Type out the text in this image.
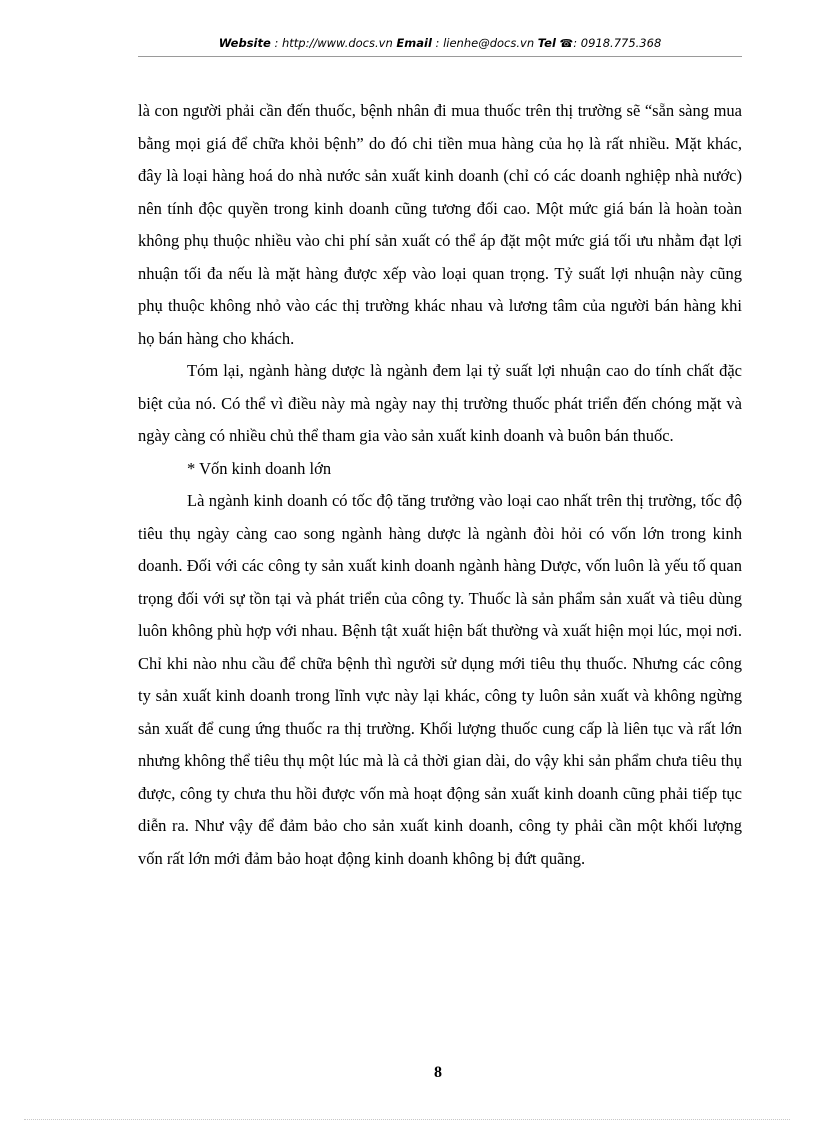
Website : http://www.docs.vn Email : lienhe@docs.vn Tel ☎: 0918.775.368

là con người phải cần đến thuốc, bệnh nhân đi mua thuốc trên thị trường sẽ “sẵn sàng mua bằng mọi giá để chữa khỏi bệnh” do đó chi tiền mua hàng của họ là rất nhiều. Mặt khác, đây là loại hàng hoá do nhà nước sản xuất kinh doanh (chỉ có các doanh nghiệp nhà nước) nên tính độc quyền trong kinh doanh cũng tương đối cao. Một mức giá bán là hoàn toàn không phụ thuộc nhiều vào chi phí sản xuất có thể áp đặt một mức giá tối ưu nhằm đạt lợi nhuận tối đa nếu là mặt hàng được xếp vào loại quan trọng. Tỷ suất lợi nhuận này cũng phụ thuộc không nhỏ vào các thị trường khác nhau và lương tâm của người bán hàng khi họ bán hàng cho khách.

Tóm lại, ngành hàng dược là ngành đem lại tỷ suất lợi nhuận cao do tính chất đặc biệt của nó. Có thể vì điều này mà ngày nay thị trường thuốc phát triển đến chóng mặt và ngày càng có nhiều chủ thể tham gia vào sản xuất kinh doanh và buôn bán thuốc.

* Vốn kinh doanh lớn

Là ngành kinh doanh có tốc độ tăng trưởng vào loại cao nhất trên thị trường, tốc độ tiêu thụ ngày càng cao song ngành hàng dược là ngành đòi hỏi có vốn lớn trong kinh doanh. Đối với các công ty sản xuất kinh doanh ngành hàng Dược, vốn luôn là yếu tố quan trọng đối với sự tồn tại và phát triển của công ty. Thuốc là sản phẩm sản xuất và tiêu dùng luôn không phù hợp với nhau. Bệnh tật xuất hiện bất thường và xuất hiện mọi lúc, mọi nơi. Chỉ khi nào nhu cầu để chữa bệnh thì người sử dụng mới tiêu thụ thuốc. Nhưng các công ty sản xuất kinh doanh trong lĩnh vực này lại khác, công ty luôn sản xuất và không ngừng sản xuất để cung ứng thuốc ra thị trường. Khối lượng thuốc cung cấp là liên tục và rất lớn nhưng không thể tiêu thụ một lúc mà là cả thời gian dài, do vậy khi sản phẩm chưa tiêu thụ được, công ty chưa thu hồi được vốn mà hoạt động sản xuất kinh doanh cũng phải tiếp tục diễn ra. Như vậy để đảm bảo cho sản xuất kinh doanh, công ty phải cần một khối lượng vốn rất lớn mới đảm bảo hoạt động kinh doanh không bị đứt quãng.

8
